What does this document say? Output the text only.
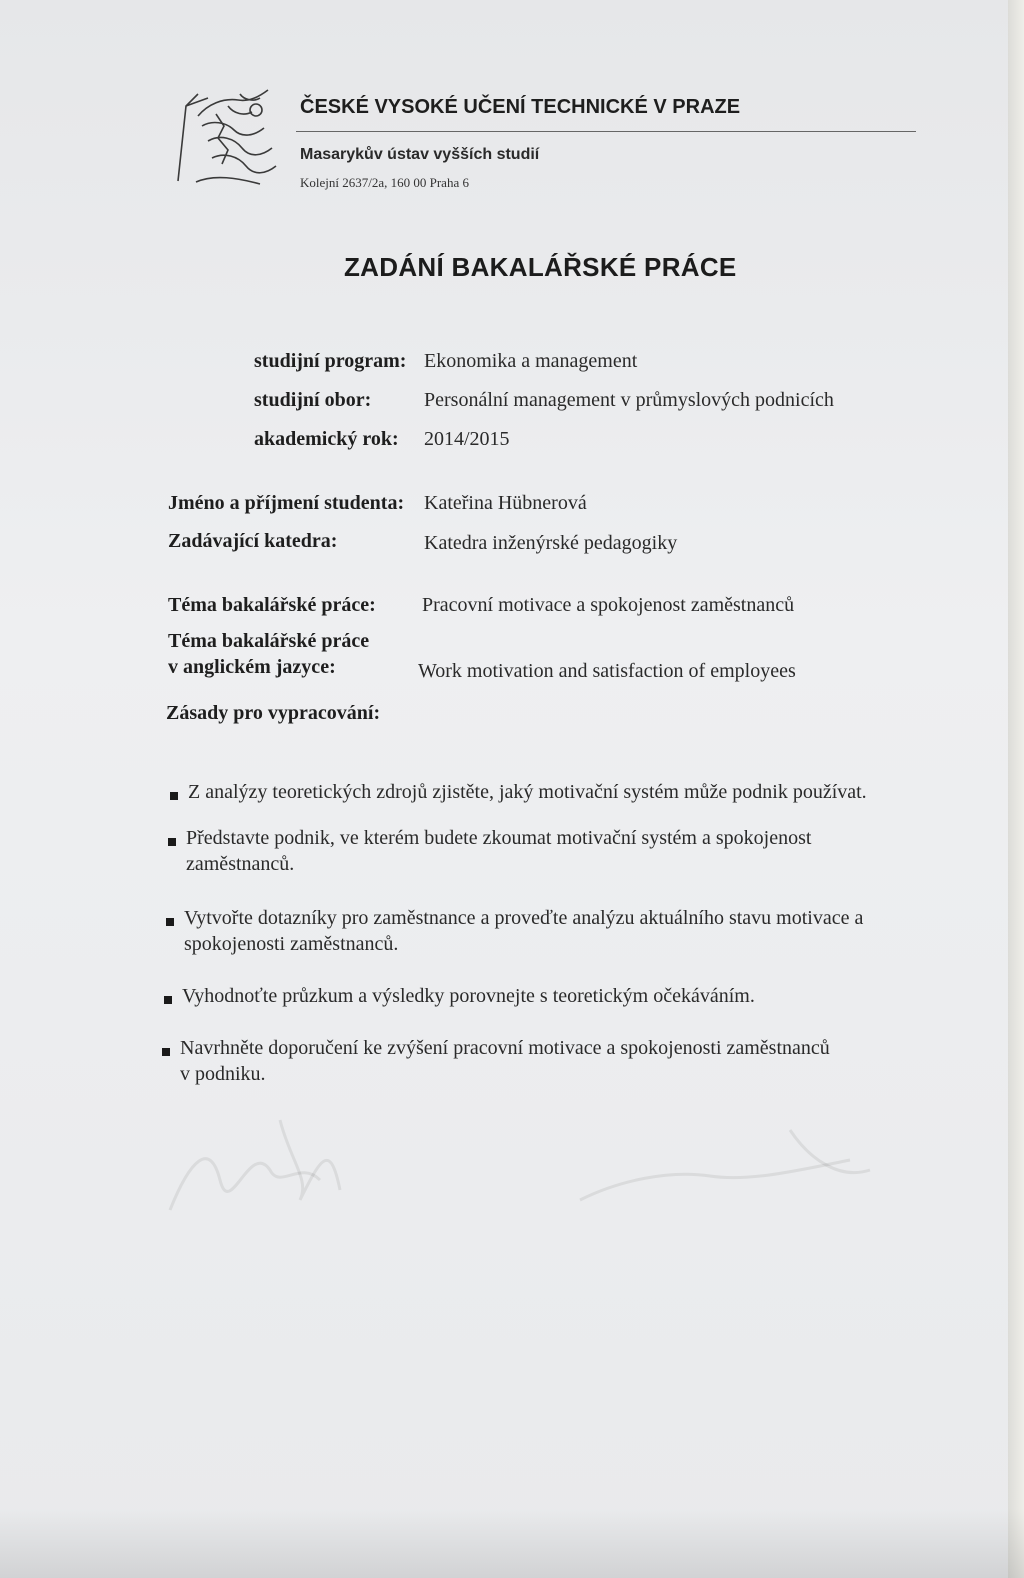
ČESKÉ VYSOKÉ UČENÍ TECHNICKÉ V PRAZE
Masarykův ústav vyšších studií
Kolejní 2637/2a, 160 00 Praha 6
ZADÁNÍ BAKALÁŘSKÉ PRÁCE
studijní program: Ekonomika a management
studijní obor:	Personální management v průmyslových podnicích
akademický rok: 2014/2015
Jméno a příjmení studenta: Kateřina Hübnerová
Zadávající katedra:	Katedra inženýrské pedagogiky
Téma bakalářské práce: Pracovní motivace a spokojenost zaměstnanců
Téma bakalářské práce
v anglickém jazyce:	Work motivation and satisfaction of employees
Zásady pro vypracování:
Z analýzy teoretických zdrojů zjistěte, jaký motivační systém může podnik používat.
Představte podnik, ve kterém budete zkoumat motivační systém a spokojenost
zaměstnanců.
Vytvořte dotazníky pro zaměstnance a proveďte analýzu aktuálního stavu motivace a
spokojenosti zaměstnanců.
Vyhodnoťte průzkum a výsledky porovnejte s teoretickým očekáváním.
Navrhněte doporučení ke zvýšení pracovní motivace a spokojenosti zaměstnanců
v podniku.
